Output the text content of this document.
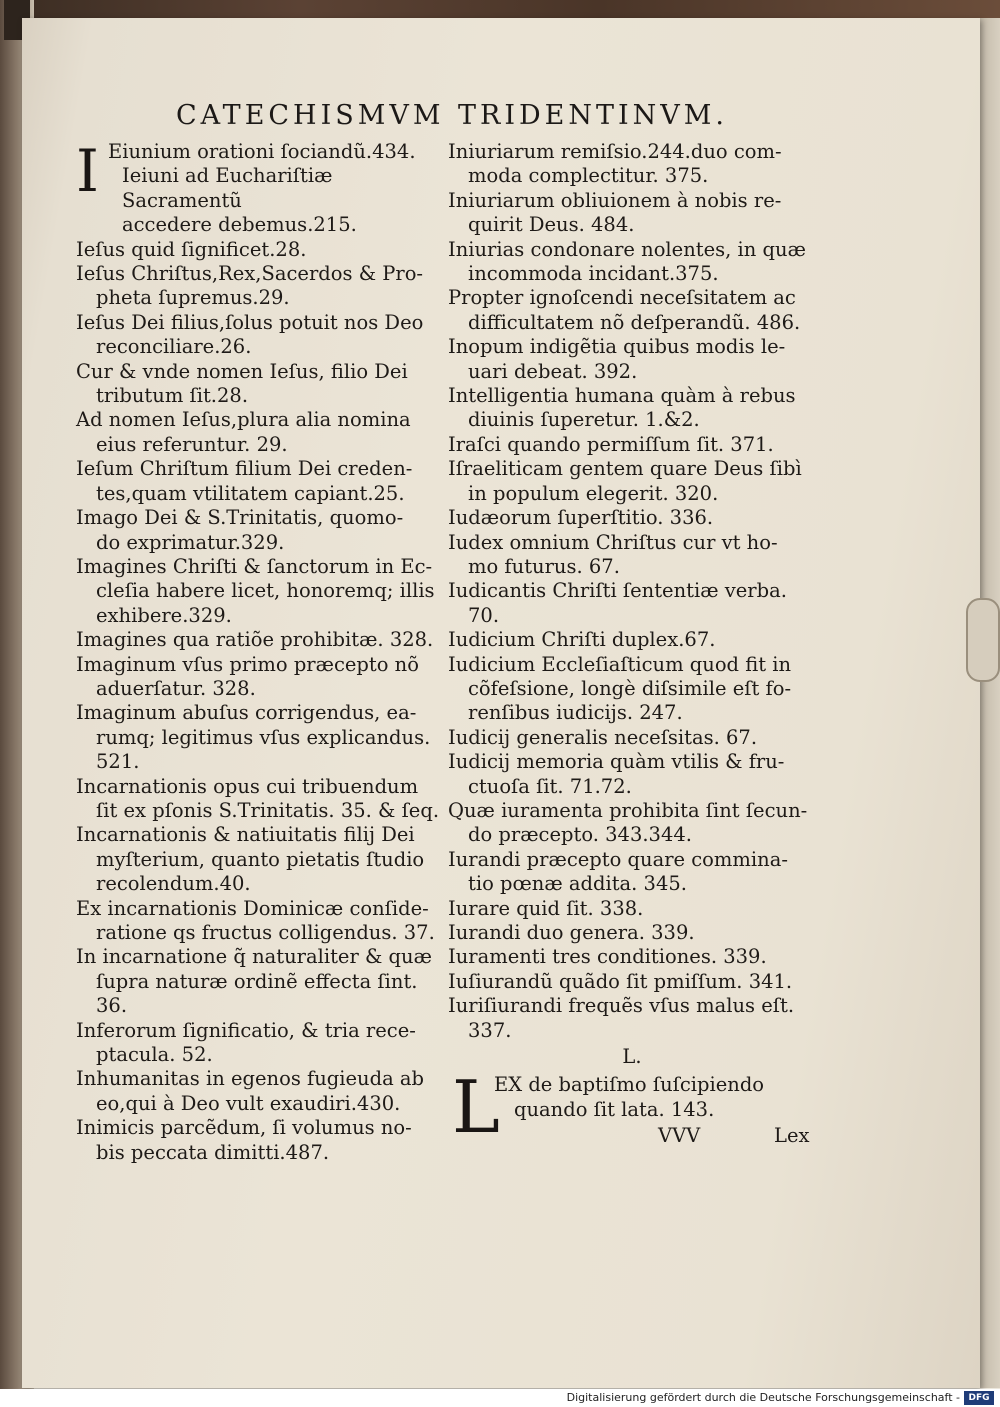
CATECHISMVM TRIDENTINVM.
I Eiunium orationi ſociandũ.434.
Ieiuni ad Euchariſtiæ Sacramentũ
accedere debemus.215.
Ieſus quid ſignificet.28.
Ieſus Chriſtus,Rex,Sacerdos & Pro-
pheta ſupremus.29.
Ieſus Dei filius,ſolus potuit nos Deo
reconciliare.26.
Cur & vnde nomen Ieſus, filio Dei
tributum ſit.28.
Ad nomen Ieſus,plura alia nomina
eius referuntur. 29.
Ieſum Chriſtum filium Dei creden-
tes,quam vtilitatem capiant.25.
Imago Dei & S.Trinitatis, quomo-
do exprimatur.329.
Imagines Chriſti & ſanctorum in Ec-
cleſia habere licet, honoremq; illis
exhibere.329.
Imagines qua ratiõe prohibitæ. 328.
Imaginum vſus primo præcepto nõ
aduerſatur. 328.
Imaginum abuſus corrigendus, ea-
rumq; legitimus vſus explicandus.
521.
Incarnationis opus cui tribuendum
ſit ex pſonis S.Trinitatis. 35. & ſeq.
Incarnationis & natiuitatis filij Dei
myſterium, quanto pietatis ſtudio
recolendum.40.
Ex incarnationis Dominicæ conſide-
ratione qs fructus colligendus. 37.
In incarnatione q̃ naturaliter & quæ
ſupra naturæ ordinẽ effecta ſint. 36.
Inferorum ſignificatio, & tria rece-
ptacula. 52.
Inhumanitas in egenos fugieuda ab
eo,qui à Deo vult exaudiri.430.
Inimicis parcẽdum, ſi volumus no-
bis peccata dimitti.487.
Iniuriarum remiſsio.244.duo com-
moda complectitur. 375.
Iniuriarum obliuionem à nobis re-
quirit Deus. 484.
Iniurias condonare nolentes, in quæ
incommoda incidant.375.
Propter ignoſcendi neceſsitatem ac
difficultatem nõ deſperandũ. 486.
Inopum indigẽtia quibus modis le-
uari debeat. 392.
Intelligentia humana quàm à rebus
diuinis ſuperetur. 1.&2.
Iraſci quando permiſſum ſit. 371.
Iſraeliticam gentem quare Deus ſibì
in populum elegerit. 320.
Iudæorum ſuperſtitio. 336.
Iudex omnium Chriſtus cur vt ho-
mo futurus. 67.
Iudicantis Chriſti ſententiæ verba.
70.
Iudicium Chriſti duplex.67.
Iudicium Eccleſiaſticum quod fit in
cõfeſsione, longè diſsimile eſt fo-
renſibus iudicijs. 247.
Iudicij generalis neceſsitas. 67.
Iudicij memoria quàm vtilis & fru-
ctuoſa ſit. 71.72.
Quæ iuramenta prohibita ſint ſecun-
do præcepto. 343.344.
Iurandi præcepto quare commina-
tio pœnæ addita. 345.
Iurare quid ſit. 338.
Iurandi duo genera. 339.
Iuramenti tres conditiones. 339.
Iuſiurandũ quãdo ſit pmiſſum. 341.
Iuriſiurandi frequẽs vſus malus eſt.
337.
L.
L
EX de baptiſmo ſuſcipiendo
quando ſit lata. 143.
VVV	Lex
Digitalisierung gefördert durch die Deutsche Forschungsgemeinschaft - DFG
